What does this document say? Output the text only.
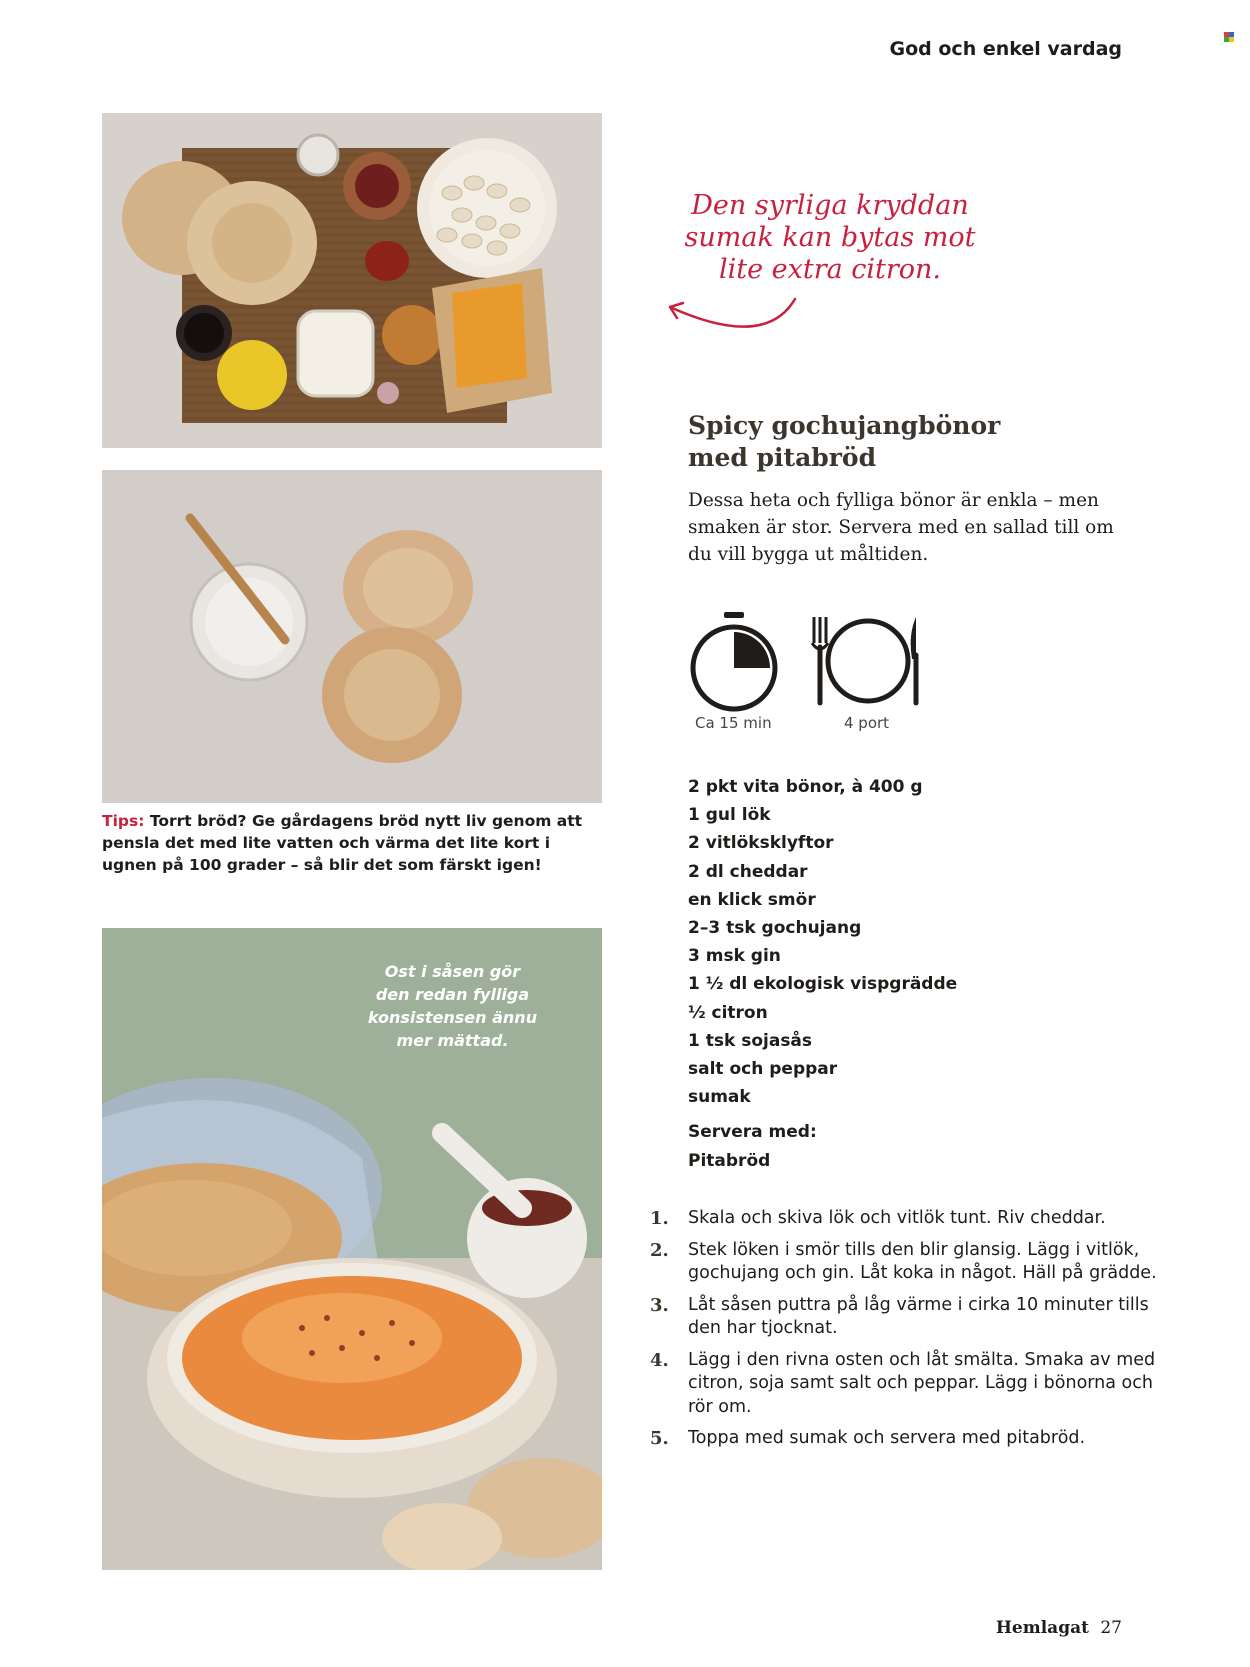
God och enkel vardag
Tips: Torrt bröd? Ge gårdagens bröd nytt liv genom att pensla det med lite vatten och värma det lite kort i ugnen på 100 grader – så blir det som färskt igen!
Ost i såsen gör
den redan fylliga
konsistensen ännu
mer mättad.
Den syrliga kryddan
sumak kan bytas mot
lite extra citron.
Spicy gochujangbönor
med pitabröd
Dessa heta och fylliga bönor är enkla – men smaken är stor. Servera med en sallad till om du vill bygga ut måltiden.
Ca 15 min	4 port
2 pkt vita bönor, à 400 g
1 gul lök
2 vitlöksklyftor
2 dl cheddar
en klick smör
2–3 tsk gochujang
3 msk gin
1 ½ dl ekologisk vispgrädde
½ citron
1 tsk sojasås
salt och peppar
sumak
Servera med:
Pitabröd
1. Skala och skiva lök och vitlök tunt. Riv cheddar.
2. Stek löken i smör tills den blir glansig. Lägg i vitlök, gochujang och gin. Låt koka in något. Häll på grädde.
3. Låt såsen puttra på låg värme i cirka 10 minuter tills den har tjocknat.
4. Lägg i den rivna osten och låt smälta. Smaka av med citron, soja samt salt och peppar. Lägg i bönorna och rör om.
5. Toppa med sumak och servera med pitabröd.
Hemlagat 27
